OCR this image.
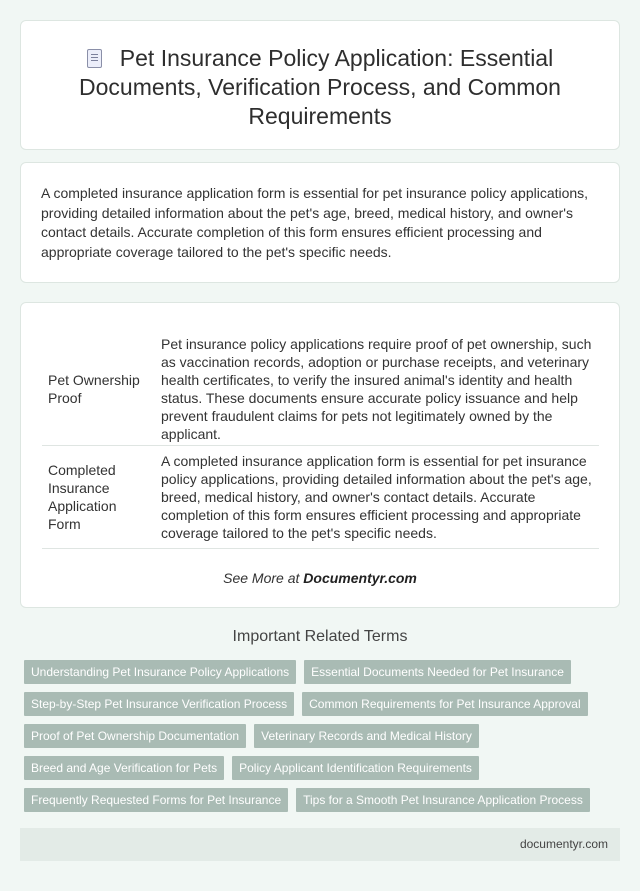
Pet Insurance Policy Application: Essential Documents, Verification Process, and Common Requirements

A completed insurance application form is essential for pet insurance policy applications, providing detailed information about the pet's age, breed, medical history, and owner's contact details. Accurate completion of this form ensures efficient processing and appropriate coverage tailored to the pet's specific needs.

Pet Ownership Proof	Pet insurance policy applications require proof of pet ownership, such as vaccination records, adoption or purchase receipts, and veterinary health certificates, to verify the insured animal's identity and health status. These documents ensure accurate policy issuance and help prevent fraudulent claims for pets not legitimately owned by the applicant.
Completed Insurance Application Form	A completed insurance application form is essential for pet insurance policy applications, providing detailed information about the pet's age, breed, medical history, and owner's contact details. Accurate completion of this form ensures efficient processing and appropriate coverage tailored to the pet's specific needs.
See More at Documentyr.com
Important Related Terms
Understanding Pet Insurance Policy Applications	Essential Documents Needed for Pet Insurance
Step-by-Step Pet Insurance Verification Process	Common Requirements for Pet Insurance Approval
Proof of Pet Ownership Documentation	Veterinary Records and Medical History
Breed and Age Verification for Pets	Policy Applicant Identification Requirements
Frequently Requested Forms for Pet Insurance	Tips for a Smooth Pet Insurance Application Process
documentyr.com
